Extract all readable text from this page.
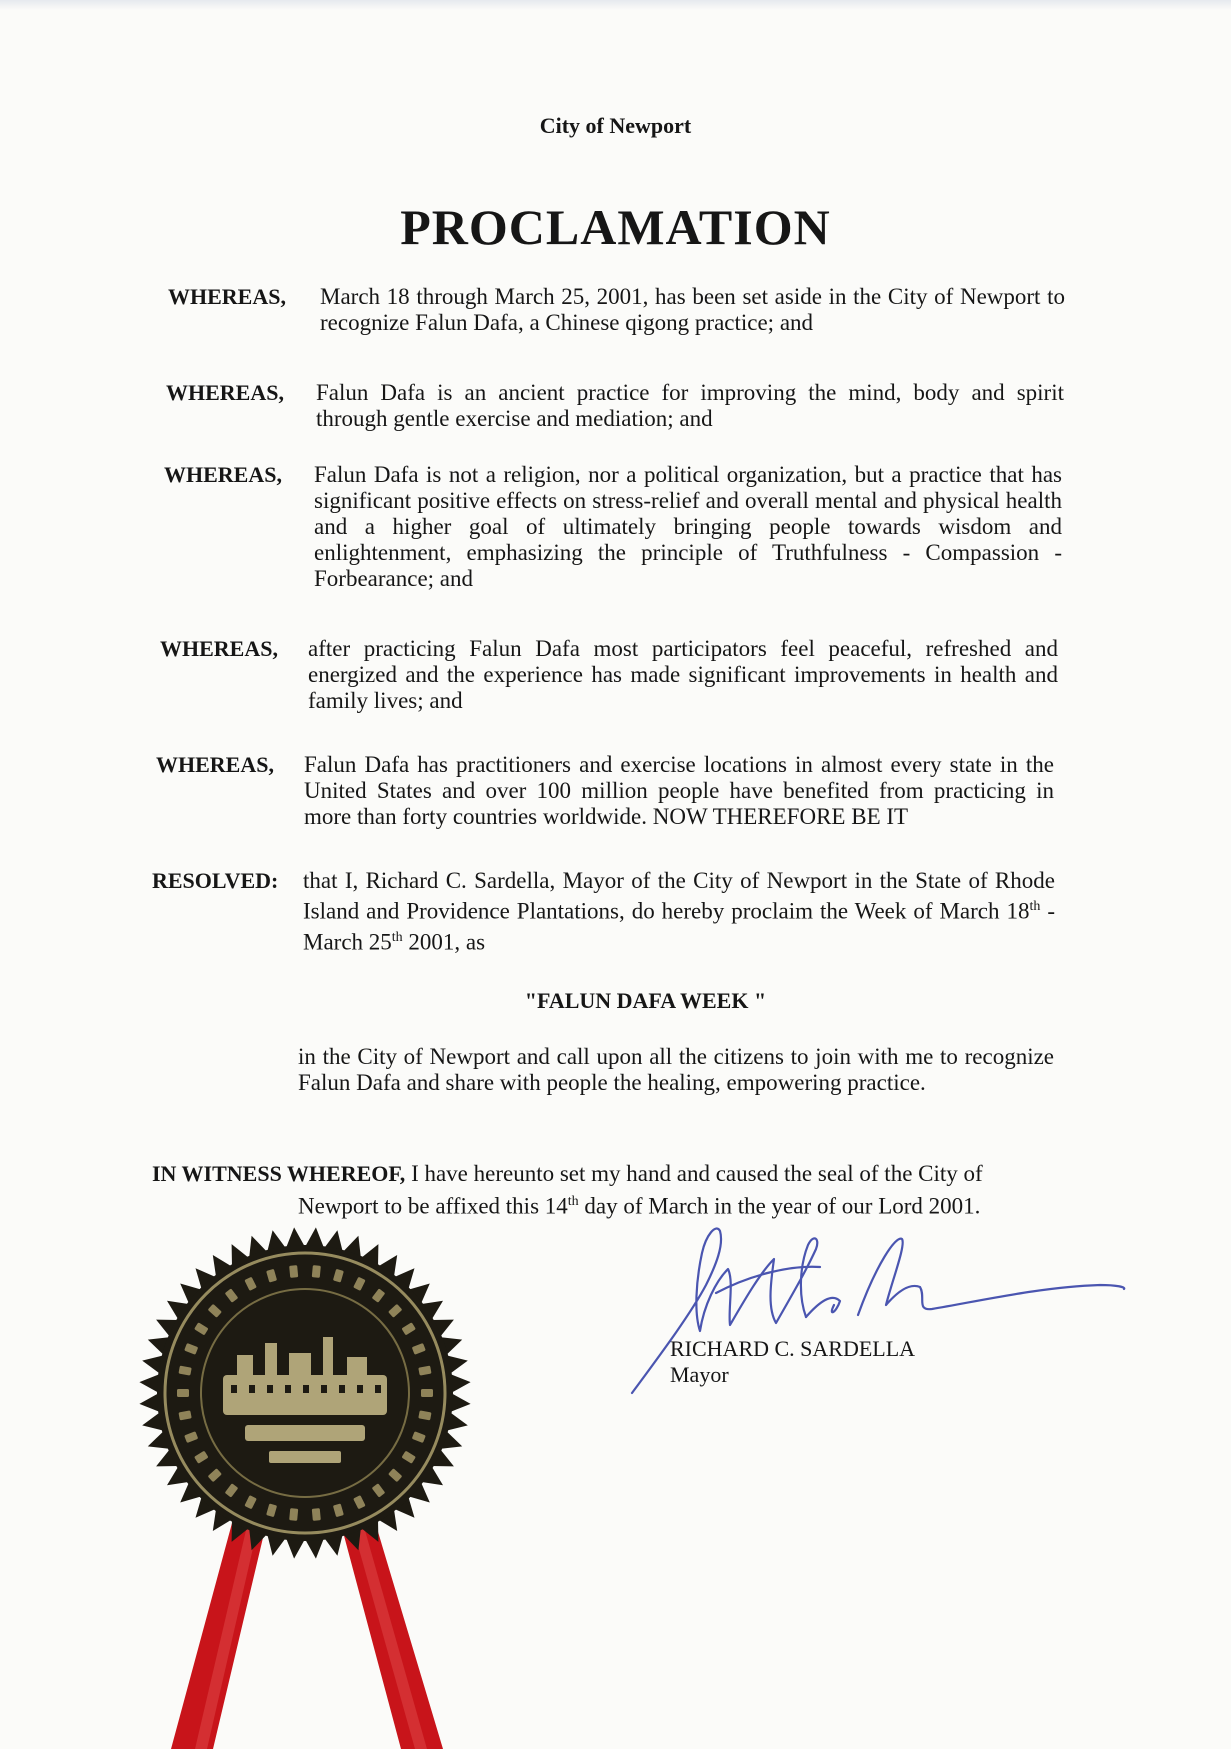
City of Newport
PROCLAMATION
WHEREAS, March 18 through March 25, 2001, has been set aside in the City of Newport to recognize Falun Dafa, a Chinese qigong practice; and
WHEREAS, Falun Dafa is an ancient practice for improving the mind, body and spirit through gentle exercise and mediation; and
WHEREAS, Falun Dafa is not a religion, nor a political organization, but a practice that has significant positive effects on stress-relief and overall mental and physical health and a higher goal of ultimately bringing people towards wisdom and enlightenment, emphasizing the principle of Truthfulness - Compassion - Forbearance; and
WHEREAS, after practicing Falun Dafa most participators feel peaceful, refreshed and energized and the experience has made significant improvements in health and family lives; and
WHEREAS, Falun Dafa has practitioners and exercise locations in almost every state in the United States and over 100 million people have benefited from practicing in more than forty countries worldwide. NOW THEREFORE BE IT
RESOLVED: that I, Richard C. Sardella, Mayor of the City of Newport in the State of Rhode Island and Providence Plantations, do hereby proclaim the Week of March 18th - March 25th 2001, as
"FALUN DAFA WEEK "
in the City of Newport and call upon all the citizens to join with me to recognize Falun Dafa and share with people the healing, empowering practice.
IN WITNESS WHEREOF, I have hereunto set my hand and caused the seal of the City of
Newport to be affixed this 14th day of March in the year of our Lord 2001.
RICHARD C. SARDELLA
Mayor
